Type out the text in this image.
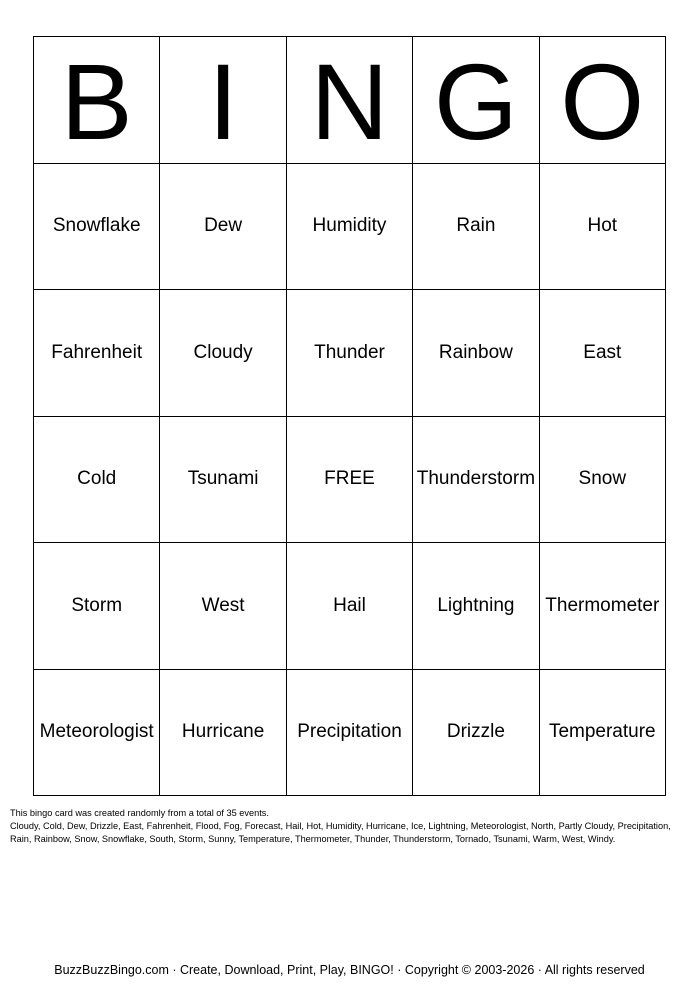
B I N G O
Snowflake	Dew	Humidity	Rain	Hot
Fahrenheit	Cloudy	Thunder	Rainbow	East
Cold	Tsunami	FREE	Thunderstorm	Snow
Storm	West	Hail	Lightning	Thermometer
Meteorologist	Hurricane	Precipitation	Drizzle	Temperature

This bingo card was created randomly from a total of 35 events.

Cloudy, Cold, Dew, Drizzle, East, Fahrenheit, Flood, Fog, Forecast, Hail, Hot, Humidity, Hurricane, Ice, Lightning, Meteorologist, North, Partly Cloudy, Precipitation, Rain, Rainbow, Snow, Snowflake, South, Storm, Sunny, Temperature, Thermometer, Thunder, Thunderstorm, Tornado, Tsunami, Warm, West, Windy.

BuzzBuzzBingo.com · Create, Download, Print, Play, BINGO! · Copyright © 2003-2026 · All rights reserved
